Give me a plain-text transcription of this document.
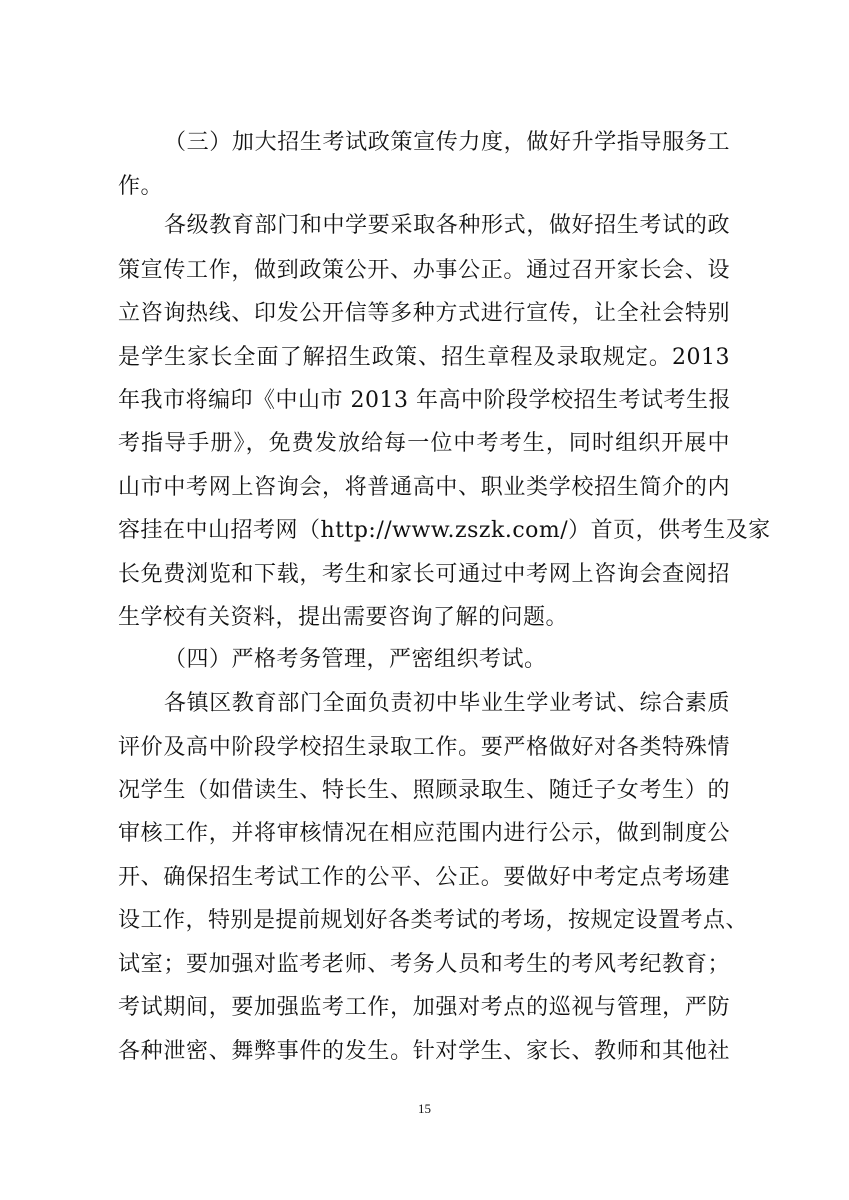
（三）加大招生考试政策宣传力度，做好升学指导服务工
作。
各级教育部门和中学要采取各种形式，做好招生考试的政
策宣传工作，做到政策公开、办事公正。通过召开家长会、设
立咨询热线、印发公开信等多种方式进行宣传，让全社会特别
是学生家长全面了解招生政策、招生章程及录取规定。2013
年我市将编印《中山市 2013 年高中阶段学校招生考试考生报
考指导手册》，免费发放给每一位中考考生，同时组织开展中
山市中考网上咨询会，将普通高中、职业类学校招生简介的内
容挂在中山招考网（http://www.zszk.com/）首页，供考生及家
长免费浏览和下载，考生和家长可通过中考网上咨询会查阅招
生学校有关资料，提出需要咨询了解的问题。
（四）严格考务管理，严密组织考试。
各镇区教育部门全面负责初中毕业生学业考试、综合素质
评价及高中阶段学校招生录取工作。要严格做好对各类特殊情
况学生（如借读生、特长生、照顾录取生、随迁子女考生）的
审核工作，并将审核情况在相应范围内进行公示，做到制度公
开、确保招生考试工作的公平、公正。要做好中考定点考场建
设工作，特别是提前规划好各类考试的考场，按规定设置考点、
试室；要加强对监考老师、考务人员和考生的考风考纪教育；
考试期间，要加强监考工作，加强对考点的巡视与管理，严防
各种泄密、舞弊事件的发生。针对学生、家长、教师和其他社
15
